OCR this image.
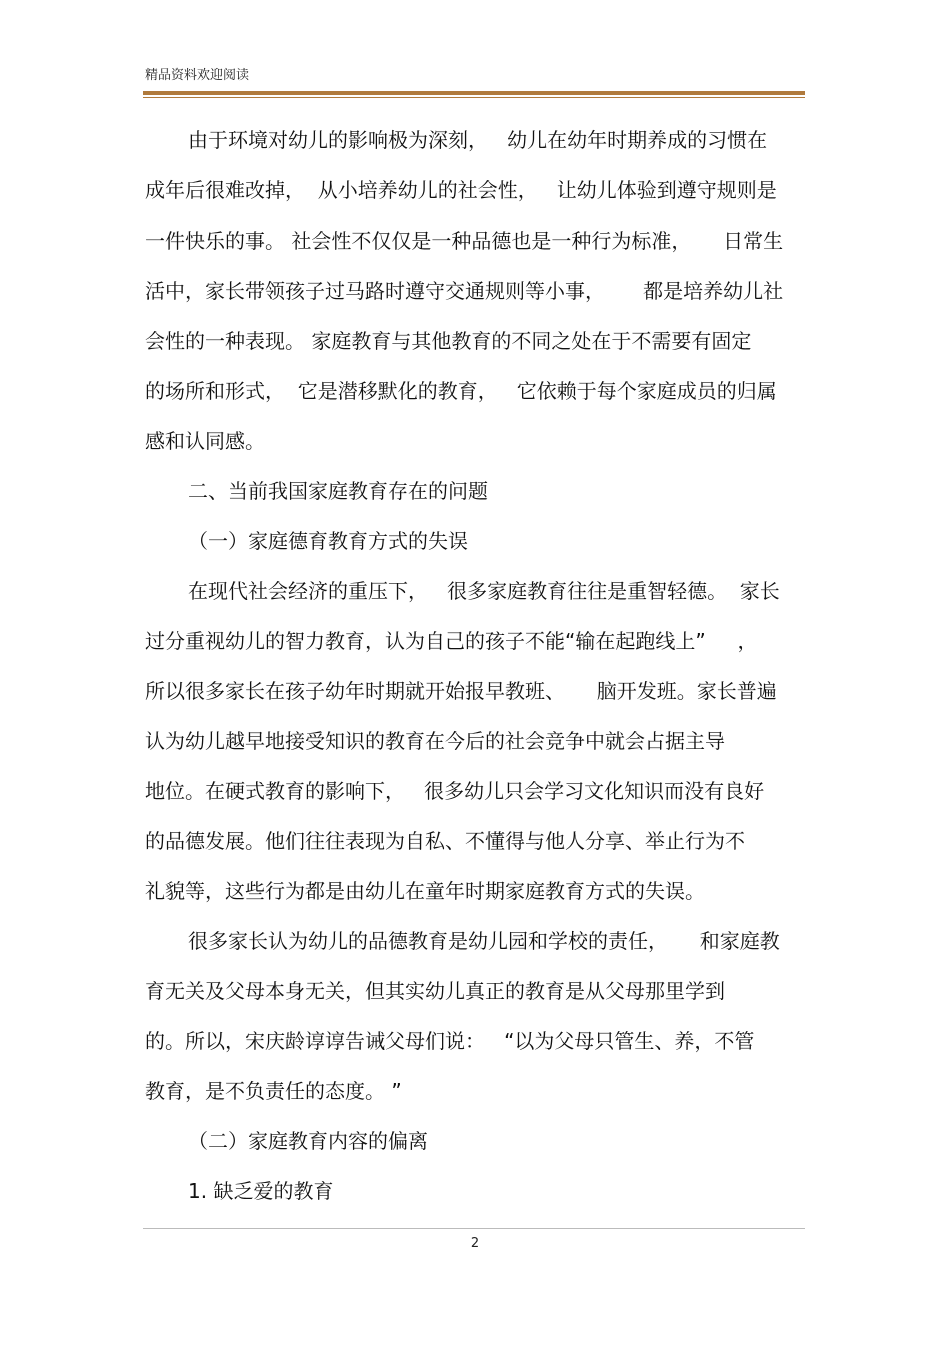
精品资料欢迎阅读
由于环境对幼儿的影响极为深刻，   幼儿在幼年时期养成的习惯在
成年后很难改掉，  从小培养幼儿的社会性，   让幼儿体验到遵守规则是
一件快乐的事。 社会性不仅仅是一种品德也是一种行为标准，     日常生
活中，家长带领孩子过马路时遵守交通规则等小事，      都是培养幼儿社
会性的一种表现。 家庭教育与其他教育的不同之处在于不需要有固定
的场所和形式，  它是潜移默化的教育，   它依赖于每个家庭成员的归属
感和认同感。
二、当前我国家庭教育存在的问题
（一）家庭德育教育方式的失误
在现代社会经济的重压下，   很多家庭教育往往是重智轻德。  家长
过分重视幼儿的智力教育，认为自己的孩子不能“输在起跑线上”     ，
所以很多家长在孩子幼年时期就开始报早教班、     脑开发班。家长普遍
认为幼儿越早地接受知识的教育在今后的社会竞争中就会占据主导
地位。在硬式教育的影响下，   很多幼儿只会学习文化知识而没有良好
的品德发展。他们往往表现为自私、不懂得与他人分享、举止行为不
礼貌等，这些行为都是由幼儿在童年时期家庭教育方式的失误。
很多家长认为幼儿的品德教育是幼儿园和学校的责任，     和家庭教
育无关及父母本身无关，但其实幼儿真正的教育是从父母那里学到
的。所以，宋庆龄谆谆告诫父母们说：   “以为父母只管生、养，不管
教育，是不负责任的态度。 ”
（二）家庭教育内容的偏离
1. 缺乏爱的教育
2
